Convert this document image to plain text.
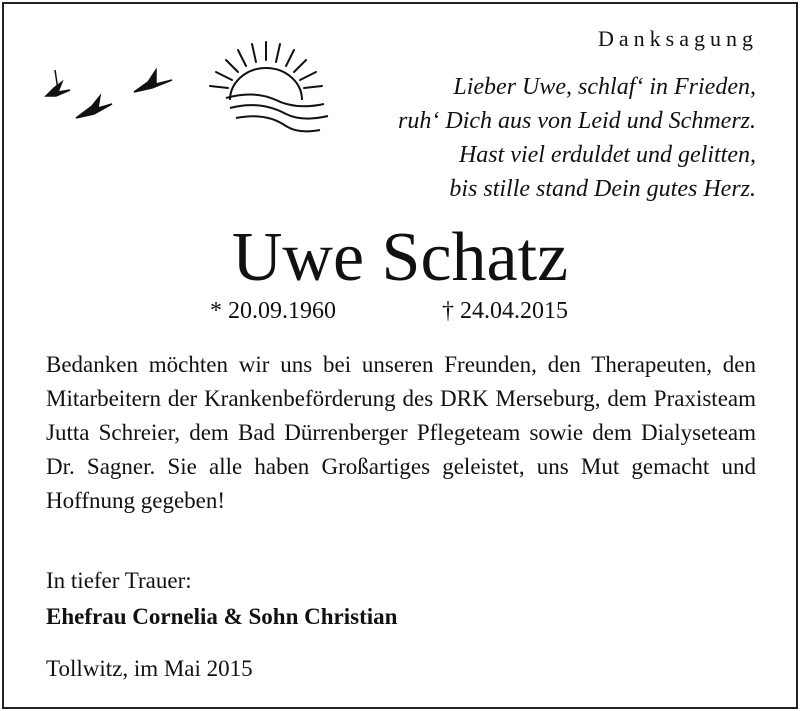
Danksagung
Lieber Uwe, schlaf‘ in Frieden,
ruh‘ Dich aus von Leid und Schmerz.
Hast viel erduldet und gelitten,
bis stille stand Dein gutes Herz.
Uwe Schatz
* 20.09.1960	† 24.04.2015
Bedanken möchten wir uns bei unseren Freunden, den Therapeuten, den Mitarbeitern der Krankenbeförderung des DRK Merseburg, dem Praxisteam Jutta Schreier, dem Bad Dürrenberger Pflegeteam sowie dem Dialyseteam Dr. Sagner. Sie alle haben Großartiges geleistet, uns Mut gemacht und Hoffnung gegeben!
In tiefer Trauer:
Ehefrau Cornelia & Sohn Christian
Tollwitz, im Mai 2015
